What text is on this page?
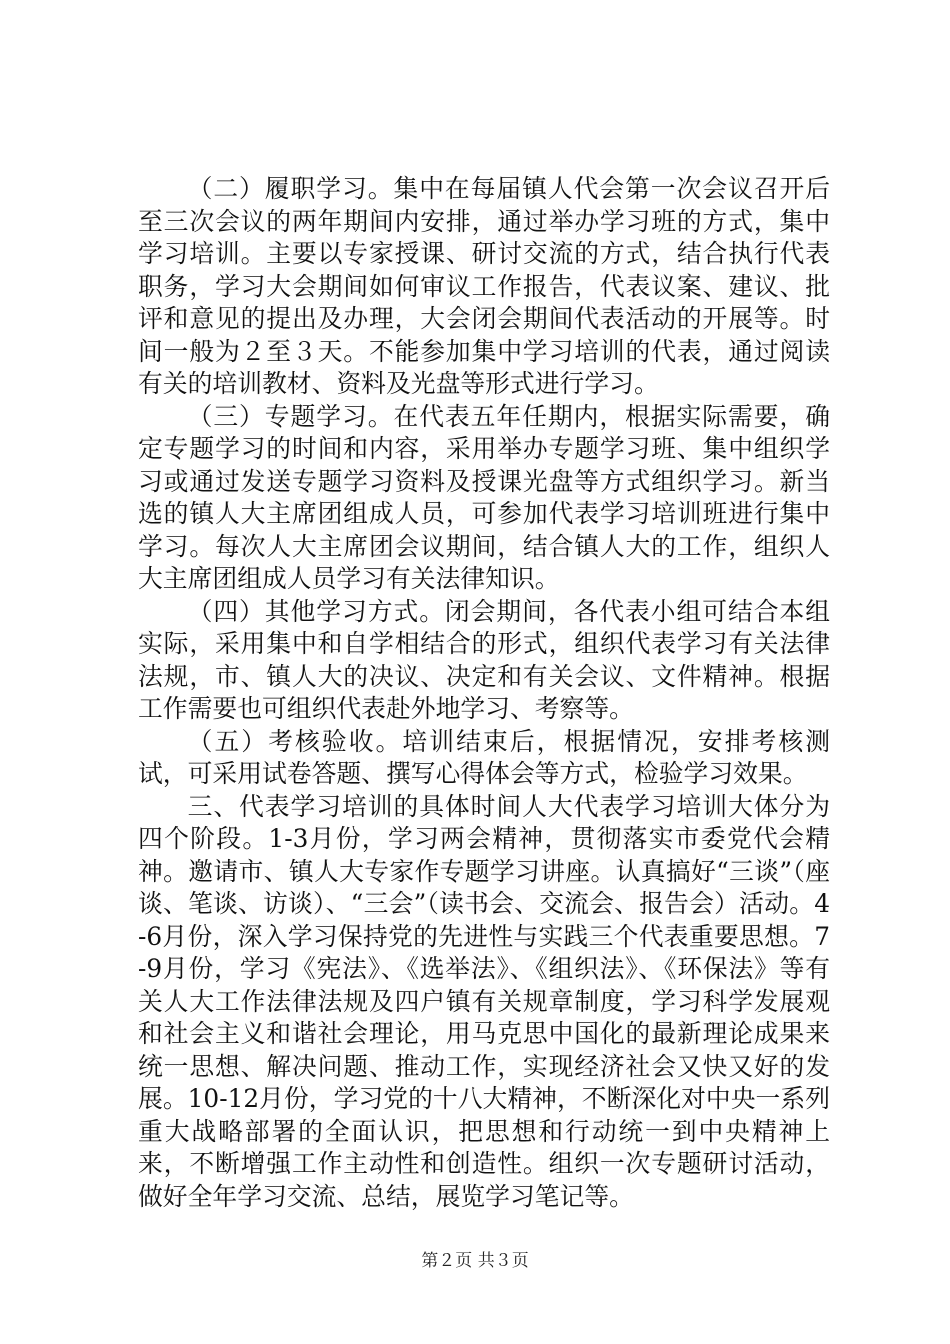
（二）履职学习。集中在每届镇人代会第一次会议召开后至三次会议的两年期间内安排，通过举办学习班的方式，集中学习培训。主要以专家授课、研讨交流的方式，结合执行代表职务，学习大会期间如何审议工作报告，代表议案、建议、批评和意见的提出及办理，大会闭会期间代表活动的开展等。时间一般为２至３天。不能参加集中学习培训的代表，通过阅读有关的培训教材、资料及光盘等形式进行学习。

（三）专题学习。在代表五年任期内，根据实际需要，确定专题学习的时间和内容，采用举办专题学习班、集中组织学习或通过发送专题学习资料及授课光盘等方式组织学习。新当选的镇人大主席团组成人员，可参加代表学习培训班进行集中学习。每次人大主席团会议期间，结合镇人大的工作，组织人大主席团组成人员学习有关法律知识。

（四）其他学习方式。闭会期间，各代表小组可结合本组实际，采用集中和自学相结合的形式，组织代表学习有关法律法规，市、镇人大的决议、决定和有关会议、文件精神。根据工作需要也可组织代表赴外地学习、考察等。

（五）考核验收。培训结束后，根据情况，安排考核测试，可采用试卷答题、撰写心得体会等方式，检验学习效果。

三、代表学习培训的具体时间人大代表学习培训大体分为四个阶段。1-3月份，学习两会精神，贯彻落实市委党代会精神。邀请市、镇人大专家作专题学习讲座。认真搞好“三谈”（座谈、笔谈、访谈）、“三会”（读书会、交流会、报告会）活动。4-6月份，深入学习保持党的先进性与实践三个代表重要思想。7-9月份，学习《宪法》、《选举法》、《组织法》、《环保法》等有关人大工作法律法规及四户镇有关规章制度，学习科学发展观和社会主义和谐社会理论，用马克思中国化的最新理论成果来统一思想、解决问题、推动工作，实现经济社会又快又好的发展。10-12月份，学习党的十八大精神，不断深化对中央一系列重大战略部署的全面认识，把思想和行动统一到中央精神上来，不断增强工作主动性和创造性。组织一次专题研讨活动，做好全年学习交流、总结，展览学习笔记等。

第２页 共３页
